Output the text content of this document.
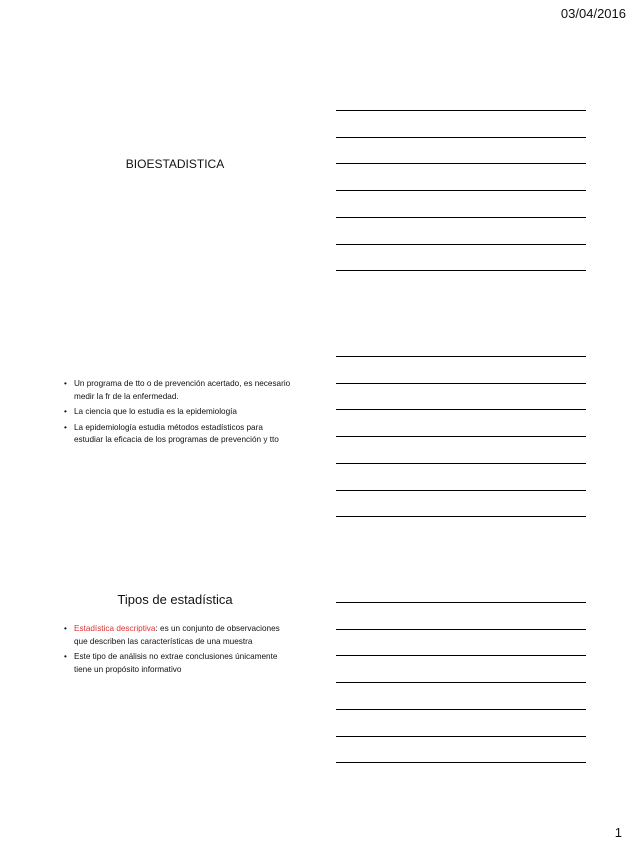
03/04/2016
BIOESTADISTICA
• Un programa de tto o de prevención acertado, es necesario medir la fr de la enfermedad.
• La ciencia que lo estudia es la epidemiología
• La epidemiología estudia métodos estadísticos para estudiar la eficacia de los programas de prevención y tto
Tipos de estadística
• Estadística descriptiva: es un conjunto de observaciones que describen las características de una muestra
• Este tipo de análisis no extrae conclusiones únicamente tiene un propósito informativo
1
